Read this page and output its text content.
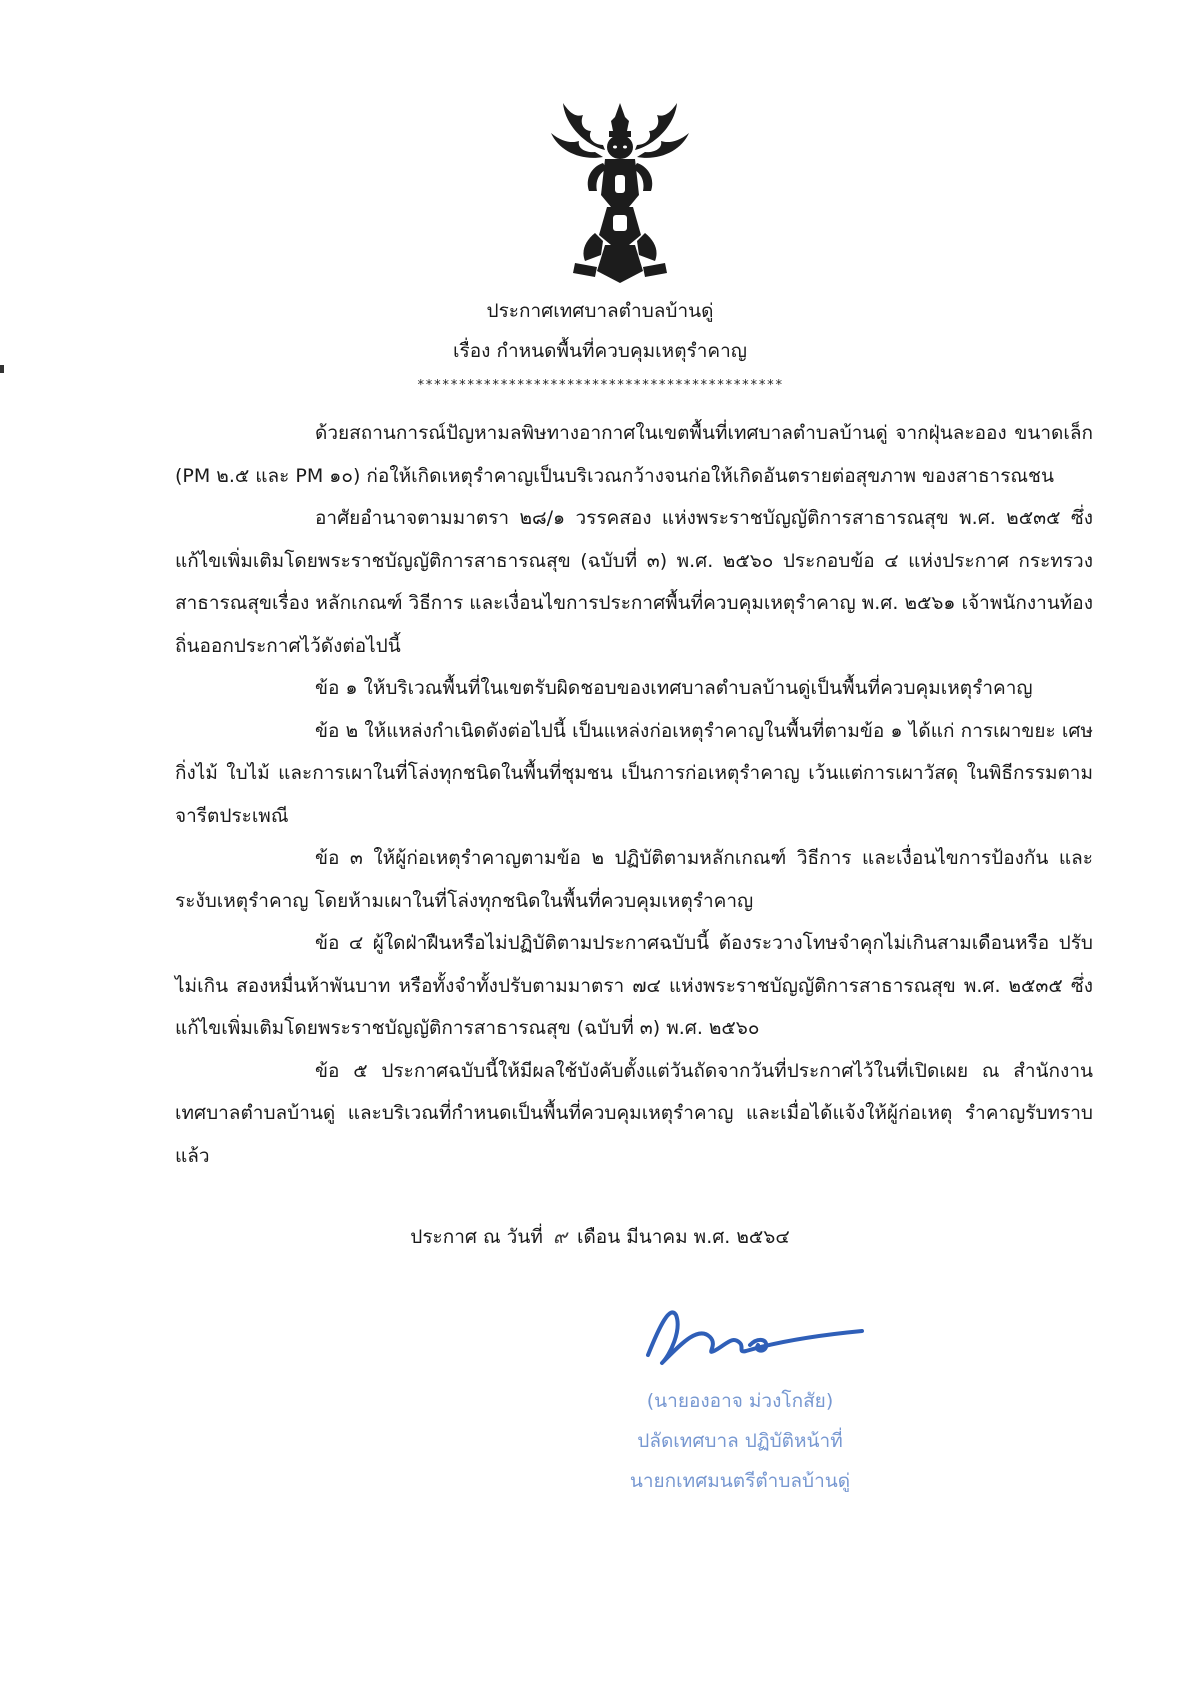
ประกาศเทศบาลตำบลบ้านดู่
เรื่อง กำหนดพื้นที่ควบคุมเหตุรำคาญ
********************************************

ด้วยสถานการณ์ปัญหามลพิษทางอากาศในเขตพื้นที่เทศบาลตำบลบ้านดู่ จากฝุ่นละออง ขนาดเล็ก (PM ๒.๕ และ PM ๑๐) ก่อให้เกิดเหตุรำคาญเป็นบริเวณกว้างจนก่อให้เกิดอันตรายต่อสุขภาพ ของสาธารณชน

อาศัยอำนาจตามมาตรา ๒๘/๑ วรรคสอง แห่งพระราชบัญญัติการสาธารณสุข พ.ศ. ๒๕๓๕ ซึ่งแก้ไขเพิ่มเติมโดยพระราชบัญญัติการสาธารณสุข (ฉบับที่ ๓) พ.ศ. ๒๕๖๐ ประกอบข้อ ๔ แห่งประกาศ กระทรวงสาธารณสุขเรื่อง หลักเกณฑ์ วิธีการ และเงื่อนไขการประกาศพื้นที่ควบคุมเหตุรำคาญ พ.ศ. ๒๕๖๑ เจ้าพนักงานท้องถิ่นออกประกาศไว้ดังต่อไปนี้

ข้อ ๑ ให้บริเวณพื้นที่ในเขตรับผิดชอบของเทศบาลตำบลบ้านดู่เป็นพื้นที่ควบคุมเหตุรำคาญ

ข้อ ๒ ให้แหล่งกำเนิดดังต่อไปนี้ เป็นแหล่งก่อเหตุรำคาญในพื้นที่ตามข้อ ๑ ได้แก่ การเผาขยะ เศษกิ่งไม้ ใบไม้ และการเผาในที่โล่งทุกชนิดในพื้นที่ชุมชน เป็นการก่อเหตุรำคาญ เว้นแต่การเผาวัสดุ ในพิธีกรรมตามจารีตประเพณี

ข้อ ๓ ให้ผู้ก่อเหตุรำคาญตามข้อ ๒ ปฏิบัติตามหลักเกณฑ์ วิธีการ และเงื่อนไขการป้องกัน และระงับเหตุรำคาญ โดยห้ามเผาในที่โล่งทุกชนิดในพื้นที่ควบคุมเหตุรำคาญ

ข้อ ๔ ผู้ใดฝ่าฝืนหรือไม่ปฏิบัติตามประกาศฉบับนี้ ต้องระวางโทษจำคุกไม่เกินสามเดือนหรือ ปรับไม่เกิน สองหมื่นห้าพันบาท หรือทั้งจำทั้งปรับตามมาตรา ๗๔ แห่งพระราชบัญญัติการสาธารณสุข พ.ศ. ๒๕๓๕ ซึ่งแก้ไขเพิ่มเติมโดยพระราชบัญญัติการสาธารณสุข (ฉบับที่ ๓) พ.ศ. ๒๕๖๐

ข้อ ๕ ประกาศฉบับนี้ให้มีผลใช้บังคับตั้งแต่วันถัดจากวันที่ประกาศไว้ในที่เปิดเผย ณ สำนักงานเทศบาลตำบลบ้านดู่ และบริเวณที่กำหนดเป็นพื้นที่ควบคุมเหตุรำคาญ และเมื่อได้แจ้งให้ผู้ก่อเหตุ รำคาญรับทราบแล้ว

ประกาศ ณ วันที่ ๙ เดือน มีนาคม พ.ศ. ๒๕๖๔
(นายองอาจ ม่วงโกสัย)
ปลัดเทศบาล ปฏิบัติหน้าที่
นายกเทศมนตรีตำบลบ้านดู่
